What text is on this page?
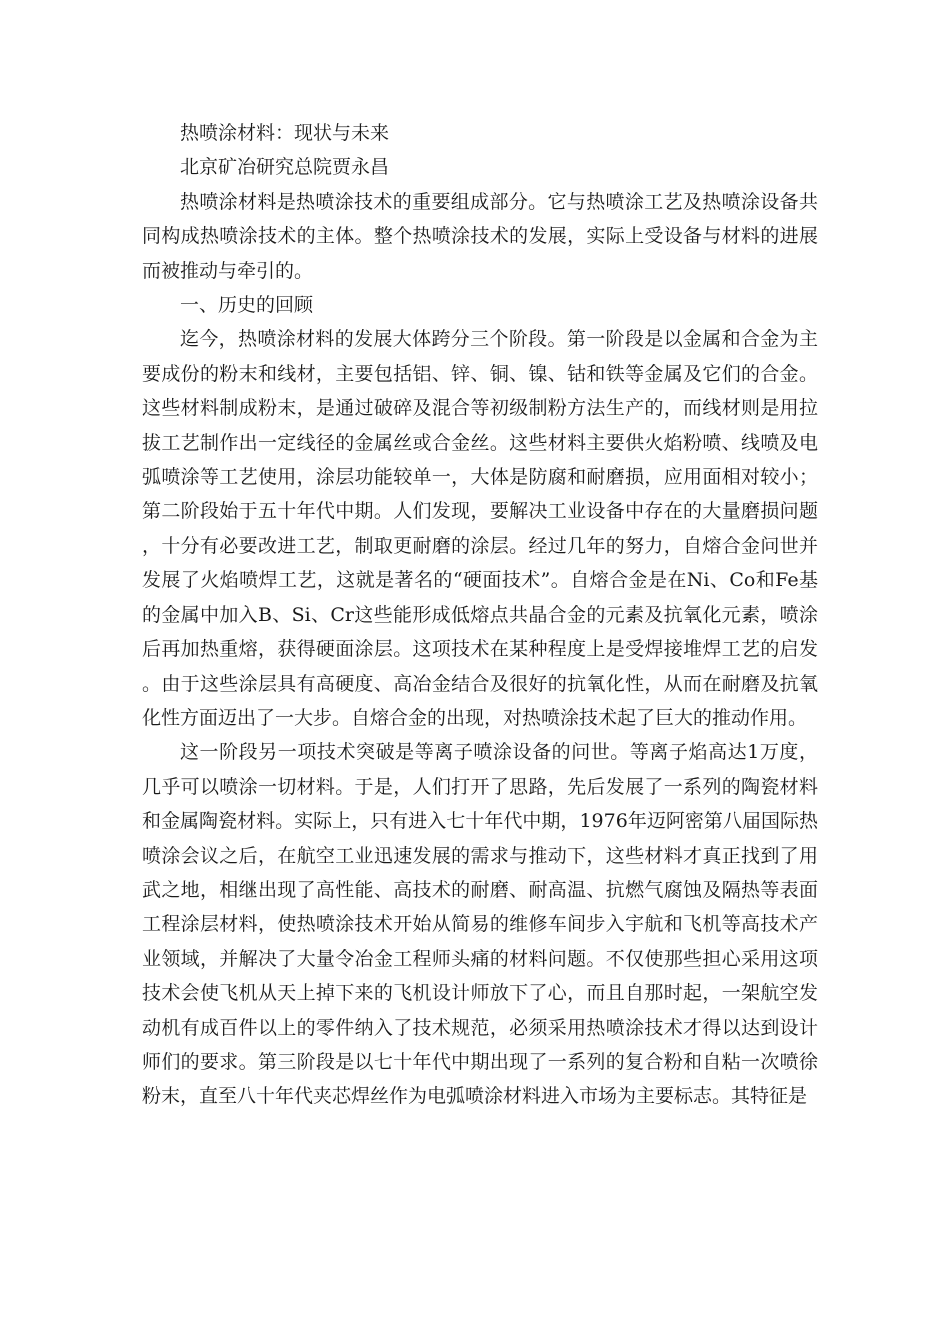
热喷涂材料：现状与未来

北京矿冶研究总院贾永昌

热喷涂材料是热喷涂技术的重要组成部分。它与热喷涂工艺及热喷涂设备共同构成热喷涂技术的主体。整个热喷涂技术的发展，实际上受设备与材料的进展而被推动与牵引的。

一、历史的回顾

迄今，热喷涂材料的发展大体跨分三个阶段。第一阶段是以金属和合金为主要成份的粉末和线材，主要包括铝、锌、铜、镍、钴和铁等金属及它们的合金。这些材料制成粉末，是通过破碎及混合等初级制粉方法生产的，而线材则是用拉拔工艺制作出一定线径的金属丝或合金丝。这些材料主要供火焰粉喷、线喷及电弧喷涂等工艺使用，涂层功能较单一，大体是防腐和耐磨损，应用面相对较小；第二阶段始于五十年代中期。人们发现，要解决工业设备中存在的大量磨损问题，十分有必要改进工艺，制取更耐磨的涂层。经过几年的努力，自熔合金问世并发展了火焰喷焊工艺，这就是著名的“硬面技术”。自熔合金是在Ni、Co和Fe基的金属中加入B、Si、Cr这些能形成低熔点共晶合金的元素及抗氧化元素，喷涂后再加热重熔，获得硬面涂层。这项技术在某种程度上是受焊接堆焊工艺的启发。由于这些涂层具有高硬度、高冶金结合及很好的抗氧化性，从而在耐磨及抗氧化性方面迈出了一大步。自熔合金的出现，对热喷涂技术起了巨大的推动作用。

这一阶段另一项技术突破是等离子喷涂设备的问世。等离子焰高达1万度，几乎可以喷涂一切材料。于是，人们打开了思路，先后发展了一系列的陶瓷材料和金属陶瓷材料。实际上，只有进入七十年代中期，1976年迈阿密第八届国际热喷涂会议之后，在航空工业迅速发展的需求与推动下，这些材料才真正找到了用武之地，相继出现了高性能、高技术的耐磨、耐高温、抗燃气腐蚀及隔热等表面工程涂层材料，使热喷涂技术开始从简易的维修车间步入宇航和飞机等高技术产业领域，并解决了大量令冶金工程师头痛的材料问题。不仅使那些担心采用这项技术会使飞机从天上掉下来的飞机设计师放下了心，而且自那时起，一架航空发动机有成百件以上的零件纳入了技术规范，必须采用热喷涂技术才得以达到设计师们的要求。第三阶段是以七十年代中期出现了一系列的复合粉和自粘一次喷徐粉末，直至八十年代夹芯焊丝作为电弧喷涂材料进入市场为主要标志。其特征是
